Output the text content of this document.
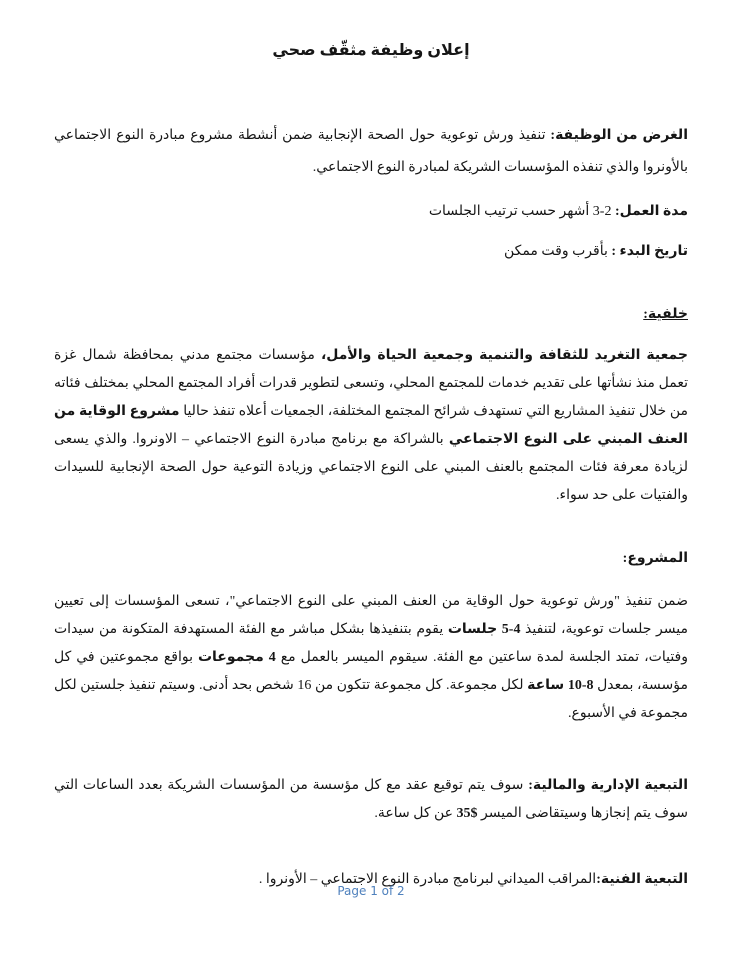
إعلان وظيفة مثقّف صحي

الغرض من الوظيفة: تنفيذ ورش توعوية حول الصحة الإنجابية ضمن أنشطة مشروع مبادرة النوع الاجتماعي بالأونروا والذي تنفذه المؤسسات الشريكة لمبادرة النوع الاجتماعي.

مدة العمل: 2-3 أشهر حسب ترتيب الجلسات

تاريخ البدء : بأقرب وقت ممكن

خلفية:

جمعية التغريد للثقافة والتنمية وجمعية الحياة والأمل، مؤسسات مجتمع مدني بمحافظة شمال غزة تعمل منذ نشأتها على تقديم خدمات للمجتمع المحلي، وتسعى لتطوير قدرات أفراد المجتمع المحلي بمختلف فئاته من خلال تنفيذ المشاريع التي تستهدف شرائح المجتمع المختلفة، الجمعيات أعلاه تنفذ حاليا مشروع الوقاية من العنف المبني على النوع الاجتماعي بالشراكة مع برنامج مبادرة النوع الاجتماعي – الاونروا. والذي يسعى لزيادة معرفة فئات المجتمع بالعنف المبني على النوع الاجتماعي وزيادة التوعية حول الصحة الإنجابية للسيدات والفتيات على حد سواء.

المشروع:

ضمن تنفيذ "ورش توعوية حول الوقاية من العنف المبني على النوع الاجتماعي"، تسعى المؤسسات إلى تعيين ميسر جلسات توعوية، لتنفيذ 4-5 جلسات يقوم بتنفيذها بشكل مباشر مع الفئة المستهدفة المتكونة من سيدات وفتيات، تمتد الجلسة لمدة ساعتين مع الفئة. سيقوم الميسر بالعمل مع 4 مجموعات بواقع مجموعتين في كل مؤسسة، بمعدل 8-10 ساعة لكل مجموعة. كل مجموعة تتكون من 16 شخص بحد أدنى. وسيتم تنفيذ جلستين لكل مجموعة في الأسبوع.

التبعية الإدارية والمالية: سوف يتم توقيع عقد مع كل مؤسسة من المؤسسات الشريكة بعدد الساعات التي سوف يتم إنجازها وسيتقاضى الميسر $35 عن كل ساعة.

التبعية الفنية:المراقب الميداني لبرنامج مبادرة النوع الاجتماعي – الأونروا .

Page 1 of 2
